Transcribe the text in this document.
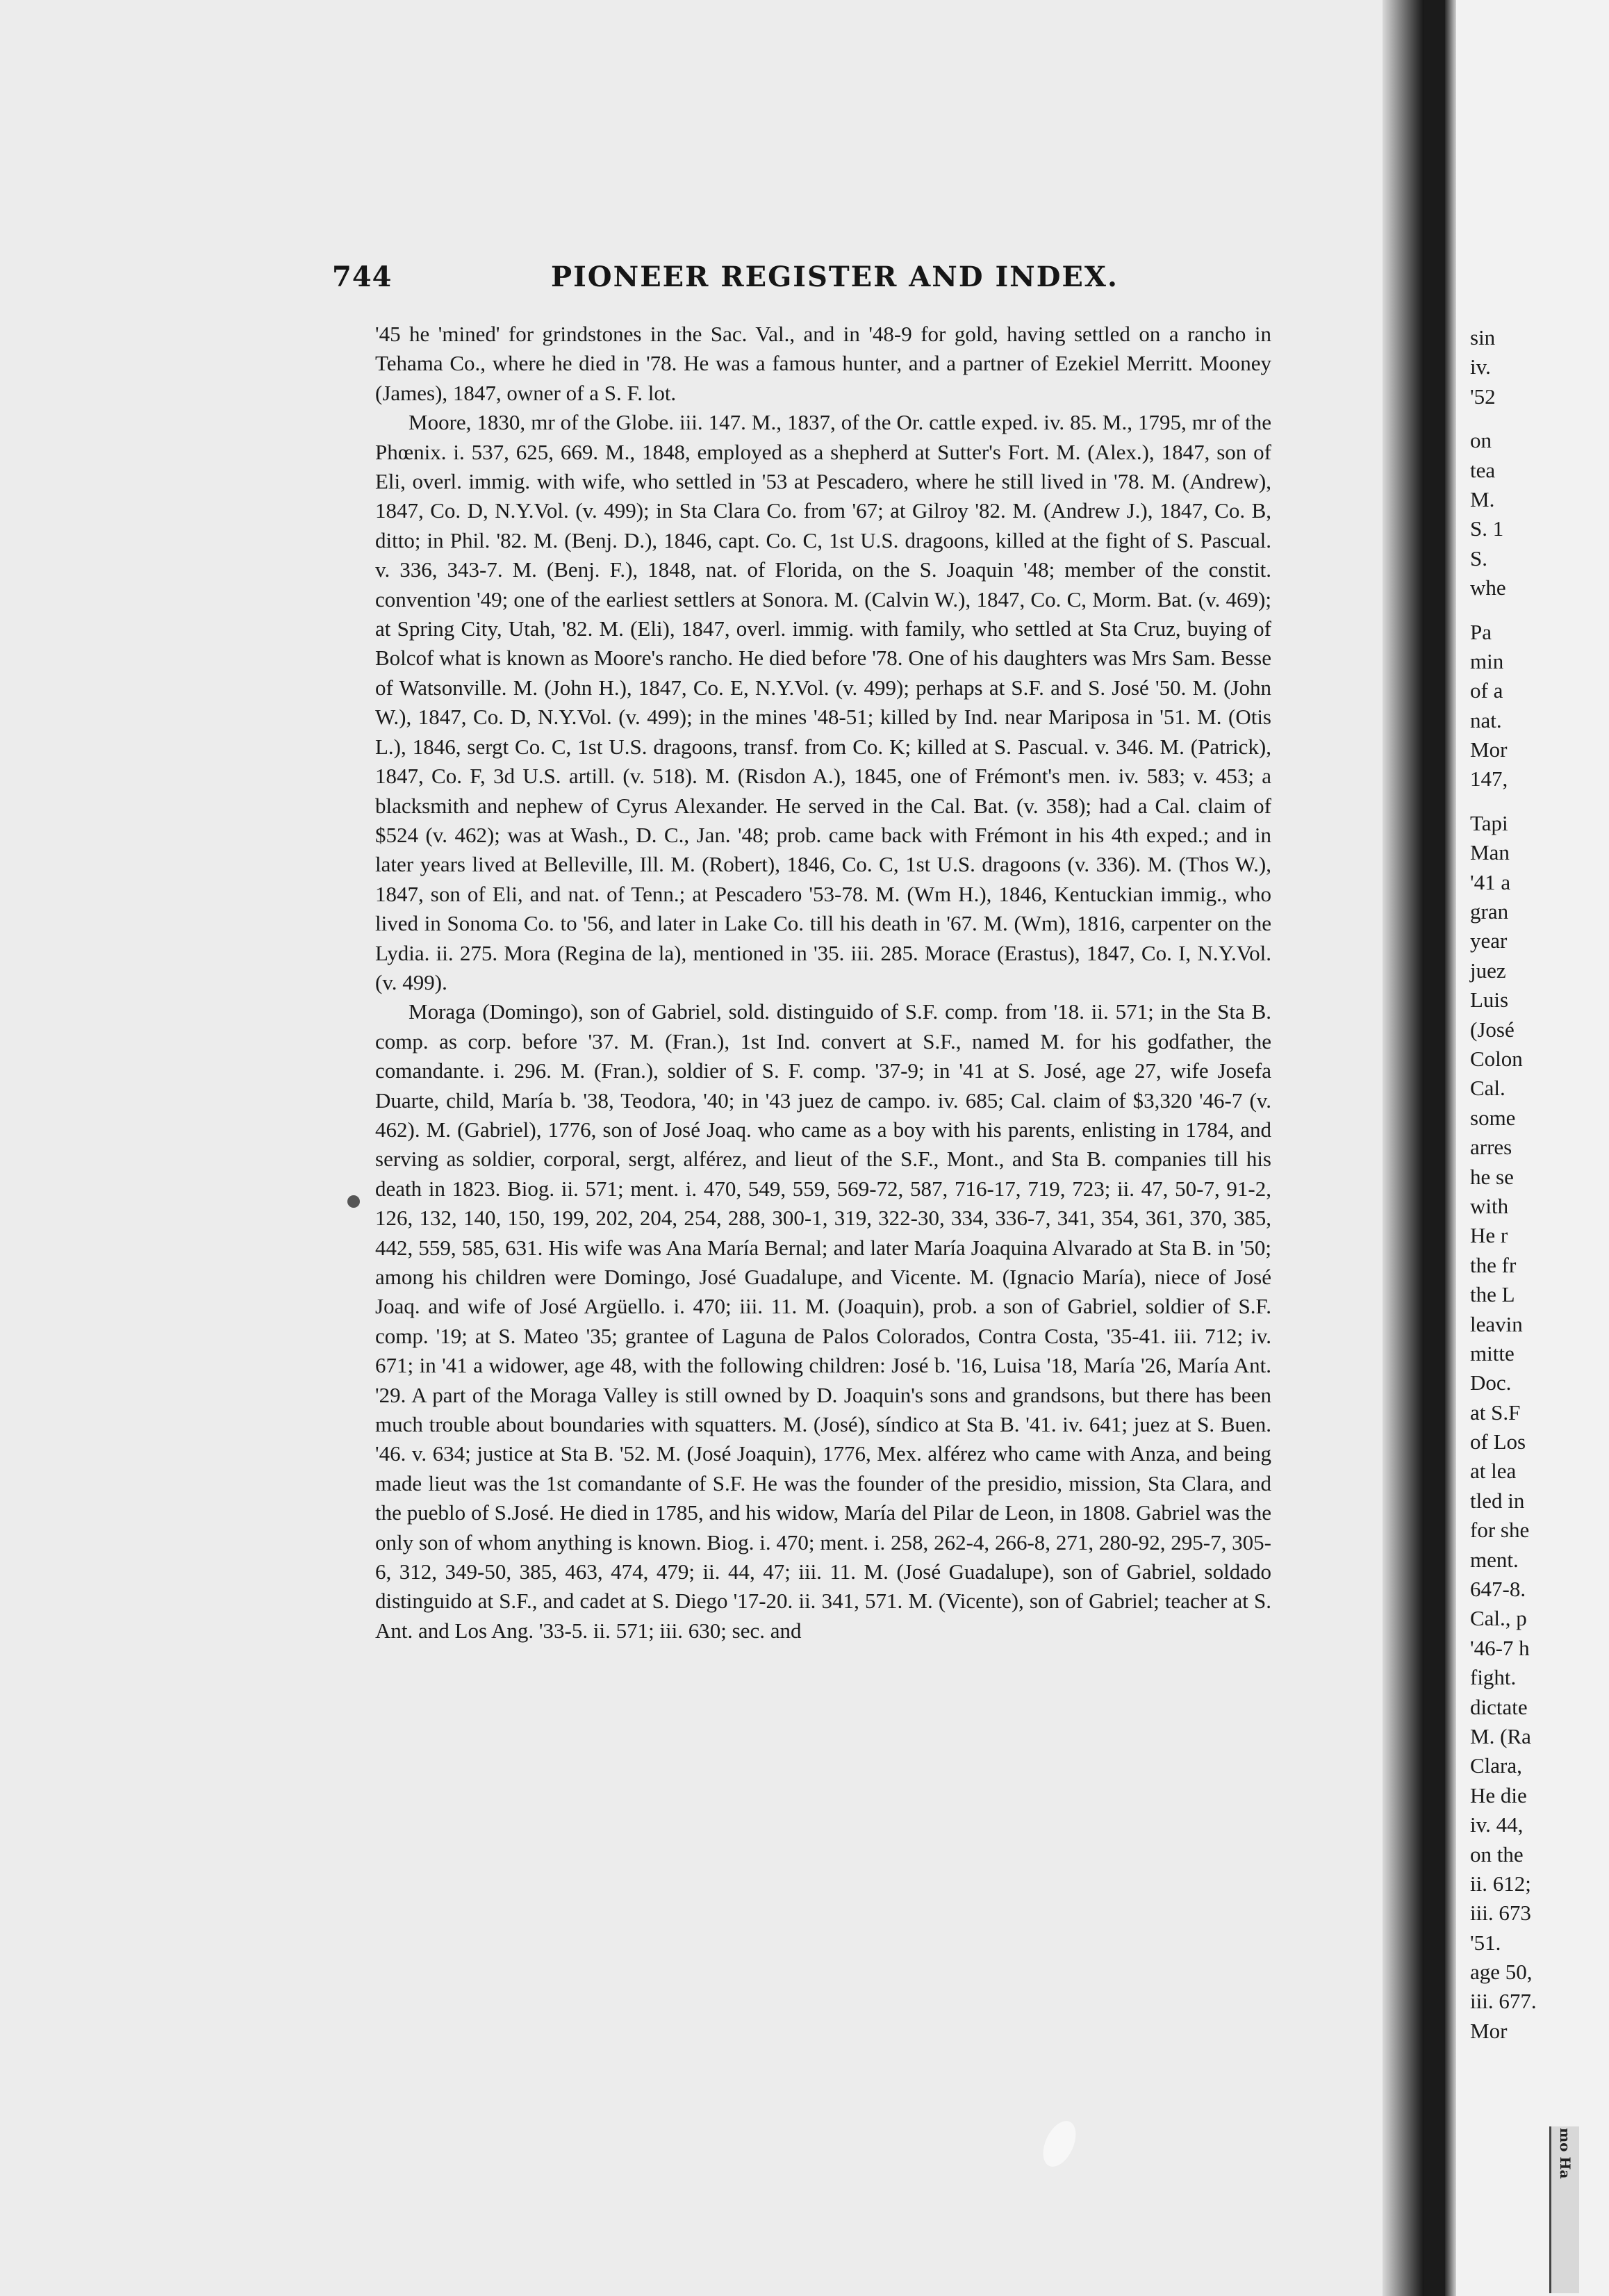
744	PIONEER REGISTER AND INDEX.

'45 he 'mined' for grindstones in the Sac. Val., and in '48-9 for gold, having settled on a rancho in Tehama Co., where he died in '78. He was a famous hunter, and a partner of Ezekiel Merritt. Mooney (James), 1847, owner of a S. F. lot.

Moore, 1830, mr of the Globe. iii. 147. M., 1837, of the Or. cattle exped. iv. 85. M., 1795, mr of the Phœnix. i. 537, 625, 669. M., 1848, employed as a shepherd at Sutter's Fort. M. (Alex.), 1847, son of Eli, overl. immig. with wife, who settled in '53 at Pescadero, where he still lived in '78. M. (Andrew), 1847, Co. D, N.Y.Vol. (v. 499); in Sta Clara Co. from '67; at Gilroy '82. M. (Andrew J.), 1847, Co. B, ditto; in Phil. '82. M. (Benj. D.), 1846, capt. Co. C, 1st U.S. dragoons, killed at the fight of S. Pascual. v. 336, 343-7. M. (Benj. F.), 1848, nat. of Florida, on the S. Joaquin '48; member of the constit. convention '49; one of the earliest settlers at Sonora. M. (Calvin W.), 1847, Co. C, Morm. Bat. (v. 469); at Spring City, Utah, '82. M. (Eli), 1847, overl. immig. with family, who settled at Sta Cruz, buying of Bolcof what is known as Moore's rancho. He died before '78. One of his daughters was Mrs Sam. Besse of Watsonville. M. (John H.), 1847, Co. E, N.Y.Vol. (v. 499); perhaps at S.F. and S. José '50. M. (John W.), 1847, Co. D, N.Y.Vol. (v. 499); in the mines '48-51; killed by Ind. near Mariposa in '51. M. (Otis L.), 1846, sergt Co. C, 1st U.S. dragoons, transf. from Co. K; killed at S. Pascual. v. 346. M. (Patrick), 1847, Co. F, 3d U.S. artill. (v. 518). M. (Risdon A.), 1845, one of Frémont's men. iv. 583; v. 453; a blacksmith and nephew of Cyrus Alexander. He served in the Cal. Bat. (v. 358); had a Cal. claim of $524 (v. 462); was at Wash., D. C., Jan. '48; prob. came back with Frémont in his 4th exped.; and in later years lived at Belleville, Ill. M. (Robert), 1846, Co. C, 1st U.S. dragoons (v. 336). M. (Thos W.), 1847, son of Eli, and nat. of Tenn.; at Pescadero '53-78. M. (Wm H.), 1846, Kentuckian immig., who lived in Sonoma Co. to '56, and later in Lake Co. till his death in '67. M. (Wm), 1816, carpenter on the Lydia. ii. 275. Mora (Regina de la), mentioned in '35. iii. 285. Morace (Erastus), 1847, Co. I, N.Y.Vol. (v. 499).

Moraga (Domingo), son of Gabriel, sold. distinguido of S.F. comp. from '18. ii. 571; in the Sta B. comp. as corp. before '37. M. (Fran.), 1st Ind. convert at S.F., named M. for his godfather, the comandante. i. 296. M. (Fran.), soldier of S. F. comp. '37-9; in '41 at S. José, age 27, wife Josefa Duarte, child, María b. '38, Teodora, '40; in '43 juez de campo. iv. 685; Cal. claim of $3,320 '46-7 (v. 462). M. (Gabriel), 1776, son of José Joaq. who came as a boy with his parents, enlisting in 1784, and serving as soldier, corporal, sergt, alférez, and lieut of the S.F., Mont., and Sta B. companies till his death in 1823. Biog. ii. 571; ment. i. 470, 549, 559, 569-72, 587, 716-17, 719, 723; ii. 47, 50-7, 91-2, 126, 132, 140, 150, 199, 202, 204, 254, 288, 300-1, 319, 322-30, 334, 336-7, 341, 354, 361, 370, 385, 442, 559, 585, 631. His wife was Ana María Bernal; and later María Joaquina Alvarado at Sta B. in '50; among his children were Domingo, José Guadalupe, and Vicente. M. (Ignacio María), niece of José Joaq. and wife of José Argüello. i. 470; iii. 11. M. (Joaquin), prob. a son of Gabriel, soldier of S.F. comp. '19; at S. Mateo '35; grantee of Laguna de Palos Colorados, Contra Costa, '35-41. iii. 712; iv. 671; in '41 a widower, age 48, with the following children: José b. '16, Luisa '18, María '26, María Ant. '29. A part of the Moraga Valley is still owned by D. Joaquin's sons and grandsons, but there has been much trouble about boundaries with squatters. M. (José), síndico at Sta B. '41. iv. 641; juez at S. Buen. '46. v. 634; justice at Sta B. '52. M. (José Joaquin), 1776, Mex. alférez who came with Anza, and being made lieut was the 1st comandante of S.F. He was the founder of the presidio, mission, Sta Clara, and the pueblo of S.José. He died in 1785, and his widow, María del Pilar de Leon, in 1808. Gabriel was the only son of whom anything is known. Biog. i. 470; ment. i. 258, 262-4, 266-8, 271, 280-92, 295-7, 305-6, 312, 349-50, 385, 463, 474, 479; ii. 44, 47; iii. 11. M. (José Guadalupe), son of Gabriel, soldado distinguido at S.F., and cadet at S. Diego '17-20. ii. 341, 571. M. (Vicente), son of Gabriel; teacher at S. Ant. and Los Ang. '33-5. ii. 571; iii. 630; sec. and

sin
iv.
'52
on
tea
M.
S. 1
S.
whe
Pa
min
of a
nat.
Mor
147,
Tapi
Man
'41 a
gran
year
juez
Luis
(José
Colon
Cal.
some
arres
he se
with
He r
the fr
the L
leavin
mitte
Doc.
at S.F
of Los
at lea
tled in
for she
ment.
647-8.
Cal., p
'46-7 h
fight.
dictate
M. (Ra
Clara,
He die
iv. 44,
on the
ii. 612;
iii. 673
'51.
age 50,
iii. 677.
Mor
mo Ha
